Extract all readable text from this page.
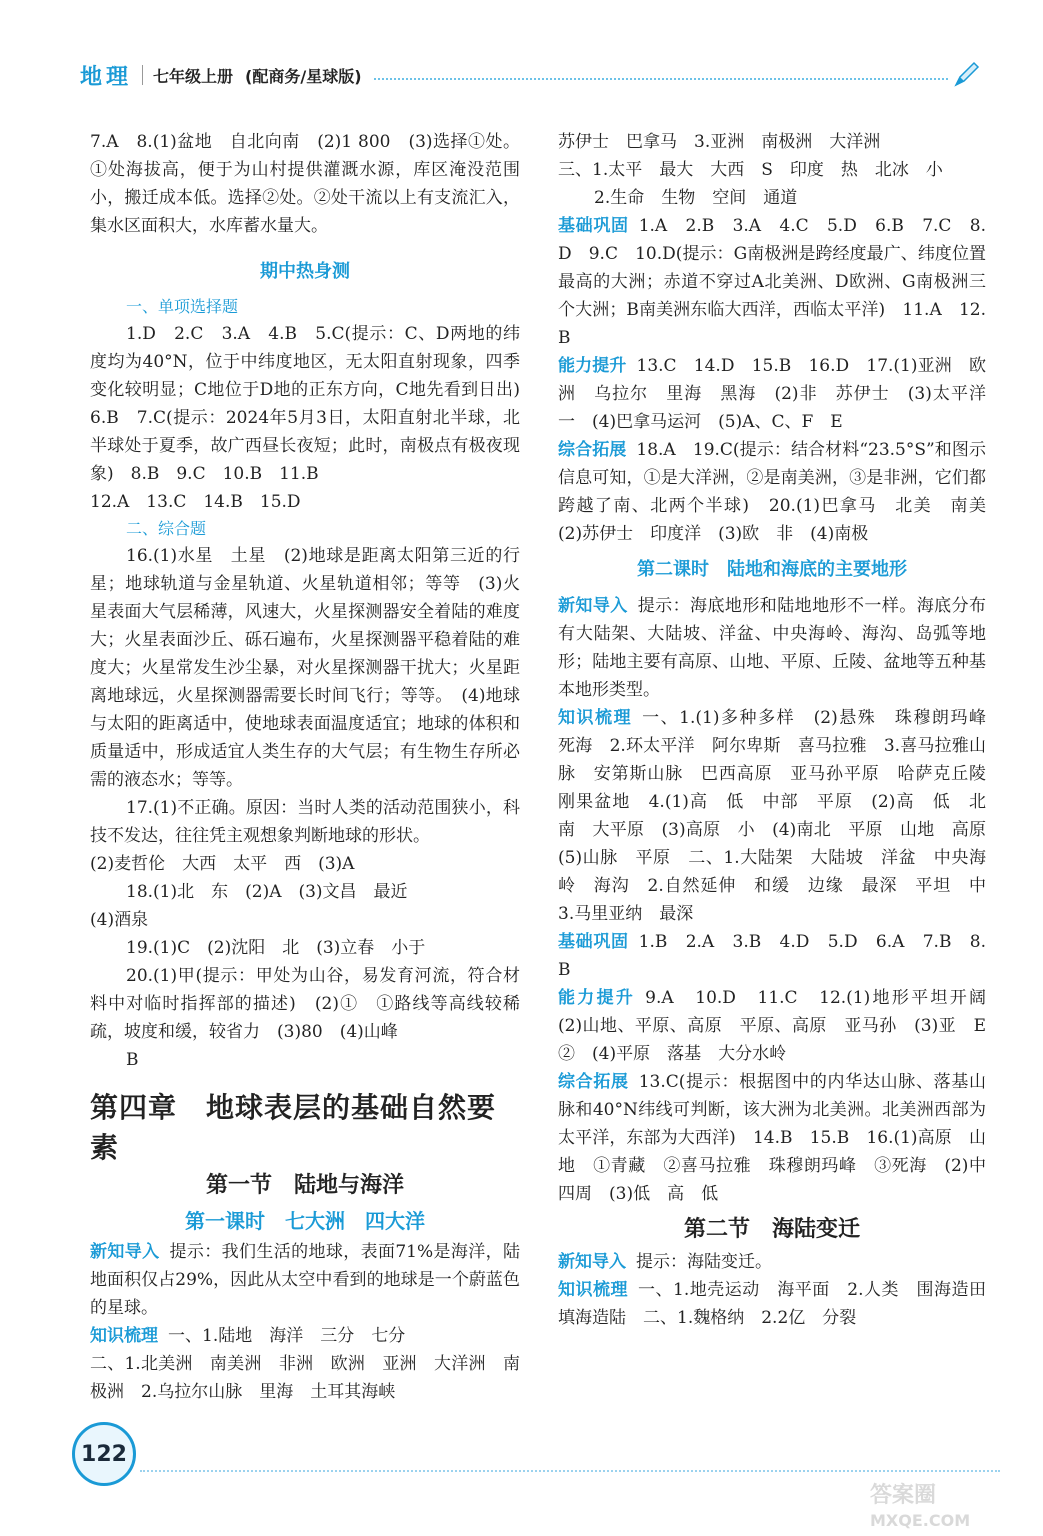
地理 七年级上册 (配商务/星球版)

7.A　8.(1)盆地　自北向南　(2)1 800　(3)选择①处。①处海拔高，便于为山村提供灌溉水源，库区淹没范围小，搬迁成本低。选择②处。②处干流以上有支流汇入，集水区面积大，水库蓄水量大。

期中热身测
一、单项选择题

1.D　2.C　3.A　4.B　5.C(提示：C、D两地的纬度均为40°N，位于中纬度地区，无太阳直射现象，四季变化较明显；C地位于D地的正东方向，C地先看到日出)　6.B　7.C(提示：2024年5月3日，太阳直射北半球，北半球处于夏季，故广西昼长夜短；此时，南极点有极夜现象)　8.B　9.C　10.B　11.B

12.A　13.C　14.B　15.D

二、综合题

16.(1)水星　土星　(2)地球是距离太阳第三近的行星；地球轨道与金星轨道、火星轨道相邻；等等　(3)火星表面大气层稀薄，风速大，火星探测器安全着陆的难度大；火星表面沙丘、砾石遍布，火星探测器平稳着陆的难度大；火星常发生沙尘暴，对火星探测器干扰大；火星距离地球远，火星探测器需要长时间飞行；等等。　(4)地球与太阳的距离适中，使地球表面温度适宜；地球的体积和质量适中，形成适宜人类生存的大气层；有生物生存所必需的液态水；等等。

17.(1)不正确。原因：当时人类的活动范围狭小，科技不发达，往往凭主观想象判断地球的形状。

(2)麦哲伦　大西　太平　西　(3)A

18.(1)北　东　(2)A　(3)文昌　最近

(4)酒泉

19.(1)C　(2)沈阳　北　(3)立春　小于

20.(1)甲(提示：甲处为山谷，易发育河流，符合材料中对临时指挥部的描述)　(2)①　①路线等高线较稀疏，坡度和缓，较省力　(3)80　(4)山峰

B

第四章　地球表层的基础自然要素
第一节　陆地与海洋
第一课时　七大洲　四大洋

新知导入 提示：我们生活的地球，表面71%是海洋，陆地面积仅占29%，因此从太空中看到的地球是一个蔚蓝色的星球。

知识梳理 一、1.陆地　海洋　三分　七分

二、1.北美洲　南美洲　非洲　欧洲　亚洲　大洋洲　南极洲　2.乌拉尔山脉　里海　土耳其海峡

苏伊士　巴拿马　3.亚洲　南极洲　大洋洲

三、1.太平　最大　大西　S　印度　热　北冰　小

2.生命　生物　空间　通道

基础巩固 1.A　2.B　3.A　4.C　5.D　6.B　7.C　8.D　9.C　10.D(提示：G南极洲是跨经度最广、纬度位置最高的大洲；赤道不穿过A北美洲、D欧洲、G南极洲三个大洲；B南美洲东临大西洋，西临太平洋)　11.A　12.B

能力提升 13.C　14.D　15.B　16.D　17.(1)亚洲　欧洲　乌拉尔　里海　黑海　(2)非　苏伊士　(3)太平洋　一　(4)巴拿马运河　(5)A、C、F　E

综合拓展 18.A　19.C(提示：结合材料“23.5°S”和图示信息可知，①是大洋洲，②是南美洲，③是非洲，它们都跨越了南、北两个半球)　20.(1)巴拿马　北美　南美　(2)苏伊士　印度洋　(3)欧　非　(4)南极

第二课时　陆地和海底的主要地形

新知导入 提示：海底地形和陆地地形不一样。海底分布有大陆架、大陆坡、洋盆、中央海岭、海沟、岛弧等地形；陆地主要有高原、山地、平原、丘陵、盆地等五种基本地形类型。

知识梳理 一、1.(1)多种多样　(2)悬殊　珠穆朗玛峰　死海　2.环太平洋　阿尔卑斯　喜马拉雅　3.喜马拉雅山脉　安第斯山脉　巴西高原　亚马孙平原　哈萨克丘陵　刚果盆地　4.(1)高　低　中部　平原　(2)高　低　北　南　大平原　(3)高原　小　(4)南北　平原　山地　高原　(5)山脉　平原　二、1.大陆架　大陆坡　洋盆　中央海岭　海沟　2.自然延伸　和缓　边缘　最深　平坦　中　3.马里亚纳　最深

基础巩固 1.B　2.A　3.B　4.D　5.D　6.A　7.B　8.B

能力提升 9.A　10.D　11.C　12.(1)地形平坦开阔　(2)山地、平原、高原　平原、高原　亚马孙　(3)亚　E　②　(4)平原　落基　大分水岭

综合拓展 13.C(提示：根据图中的内华达山脉、落基山脉和40°N纬线可判断，该大洲为北美洲。北美洲西部为太平洋，东部为大西洋)　14.B　15.B　16.(1)高原　山地　①青藏　②喜马拉雅　珠穆朗玛峰　③死海　(2)中　四周　(3)低　高　低

第二节　海陆变迁

新知导入 提示：海陆变迁。

知识梳理 一、1.地壳运动　海平面　2.人类　围海造田　填海造陆　二、1.魏格纳　2.2亿　分裂

122
答案圈
MXQE.COM
